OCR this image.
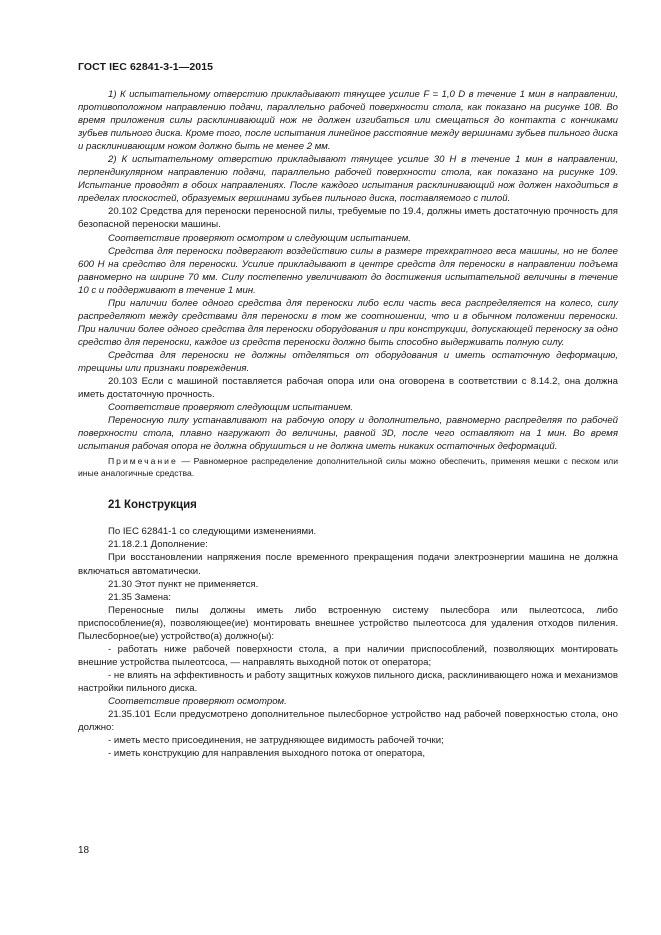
ГОСТ IEC 62841-3-1—2015

1) К испытательному отверстию прикладывают тянущее усилие F = 1,0 D в течение 1 мин в направлении, противоположном направлению подачи, параллельно рабочей поверхности стола, как показано на рисунке 108. Во время приложения силы расклинивающий нож не должен изгибаться или смещаться до контакта с кончиками зубьев пильного диска. Кроме того, после испытания линейное расстояние между вершинами зубьев пильного диска и расклинивающим ножом должно быть не менее 2 мм.

2) К испытательному отверстию прикладывают тянущее усилие 30 Н в течение 1 мин в направлении, перпендикулярном направлению подачи, параллельно рабочей поверхности стола, как показано на рисунке 109. Испытание проводят в обоих направлениях. После каждого испытания расклинивающий нож должен находиться в пределах плоскостей, образуемых вершинами зубьев пильного диска, поставляемого с пилой.

20.102 Средства для переноски переносной пилы, требуемые по 19.4, должны иметь достаточную прочность для безопасной переноски машины.

Соответствие проверяют осмотром и следующим испытанием.

Средства для переноски подвергают воздействию силы в размере трехкратного веса машины, но не более 600 Н на средство для переноски. Усилие прикладывают в центре средств для переноски в направлении подъема равномерно на ширине 70 мм. Силу постепенно увеличивают до достижения испытательной величины в течение 10 с и поддерживают в течение 1 мин.

При наличии более одного средства для переноски либо если часть веса распределяется на колесо, силу распределяют между средствами для переноски в том же соотношении, что и в обычном положении переноски. При наличии более одного средства для переноски оборудования и при конструкции, допускающей переноску за одно средство для переноски, каждое из средств переноски должно быть способно выдерживать полную силу.

Средства для переноски не должны отделяться от оборудования и иметь остаточную деформацию, трещины или признаки повреждения.

20.103 Если с машиной поставляется рабочая опора или она оговорена в соответствии с 8.14.2, она должна иметь достаточную прочность.

Соответствие проверяют следующим испытанием.

Переносную пилу устанавливают на рабочую опору и дополнительно, равномерно распределяя по рабочей поверхности стола, плавно нагружают до величины, равной 3D, после чего оставляют на 1 мин. Во время испытания рабочая опора не должна обрушиться и не должна иметь никаких остаточных деформаций.

Примечание — Равномерное распределение дополнительной силы можно обеспечить, применяя мешки с песком или иные аналогичные средства.

21 Конструкция

По IEC 62841-1 со следующими изменениями.

21.18.2.1 Дополнение:

При восстановлении напряжения после временного прекращения подачи электроэнергии машина не должна включаться автоматически.

21.30 Этот пункт не применяется.

21.35 Замена:

Переносные пилы должны иметь либо встроенную систему пылесбора или пылеотсоса, либо приспособление(я), позволяющее(ие) монтировать внешнее устройство пылеотсоса для удаления отходов пиления. Пылесборное(ые) устройство(а) должно(ы):

- работать ниже рабочей поверхности стола, а при наличии приспособлений, позволяющих монтировать внешние устройства пылеотсоса, — направлять выходной поток от оператора;

- не влиять на эффективность и работу защитных кожухов пильного диска, расклинивающего ножа и механизмов настройки пильного диска.

Соответствие проверяют осмотром.

21.35.101 Если предусмотрено дополнительное пылесборное устройство над рабочей поверхностью стола, оно должно:

- иметь место присоединения, не затрудняющее видимость рабочей точки;

- иметь конструкцию для направления выходного потока от оператора,

18
